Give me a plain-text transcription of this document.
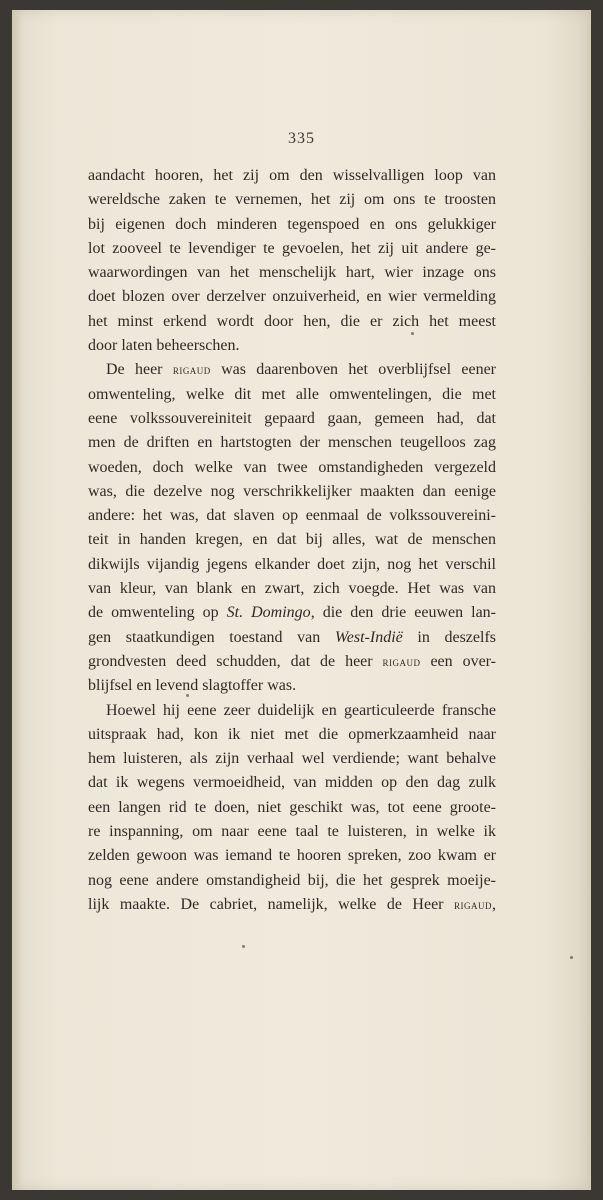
335
aandacht hooren, het zij om den wisselvalligen loop van
wereldsche zaken te vernemen, het zij om ons te troosten
bij eigenen doch minderen tegenspoed en ons gelukkiger
lot zooveel te levendiger te gevoelen, het zij uit andere ge-
waarwordingen van het menschelijk hart, wier inzage ons
doet blozen over derzelver onzuiverheid, en wier vermelding
het minst erkend wordt door hen, die er zich het meest
door laten beheerschen.
De heer rigaud was daarenboven het overblijfsel eener
omwenteling, welke dit met alle omwentelingen, die met
eene volkssouvereiniteit gepaard gaan, gemeen had, dat
men de driften en hartstogten der menschen teugelloos zag
woeden, doch welke van twee omstandigheden vergezeld
was, die dezelve nog verschrikkelijker maakten dan eenige
andere: het was, dat slaven op eenmaal de volkssouvereini-
teit in handen kregen, en dat bij alles, wat de menschen
dikwijls vijandig jegens elkander doet zijn, nog het verschil
van kleur, van blank en zwart, zich voegde. Het was van
de omwenteling op St. Domingo, die den drie eeuwen lan-
gen staatkundigen toestand van West-Indië in deszelfs
grondvesten deed schudden, dat de heer rigaud een over-
blijfsel en levend slagtoffer was.
Hoewel hij eene zeer duidelijk en gearticuleerde fransche
uitspraak had, kon ik niet met die opmerkzaamheid naar
hem luisteren, als zijn verhaal wel verdiende; want behalve
dat ik wegens vermoeidheid, van midden op den dag zulk
een langen rid te doen, niet geschikt was, tot eene groote-
re inspanning, om naar eene taal te luisteren, in welke ik
zelden gewoon was iemand te hooren spreken, zoo kwam er
nog eene andere omstandigheid bij, die het gesprek moeije-
lijk maakte. De cabriet, namelijk, welke de Heer rigaud,
